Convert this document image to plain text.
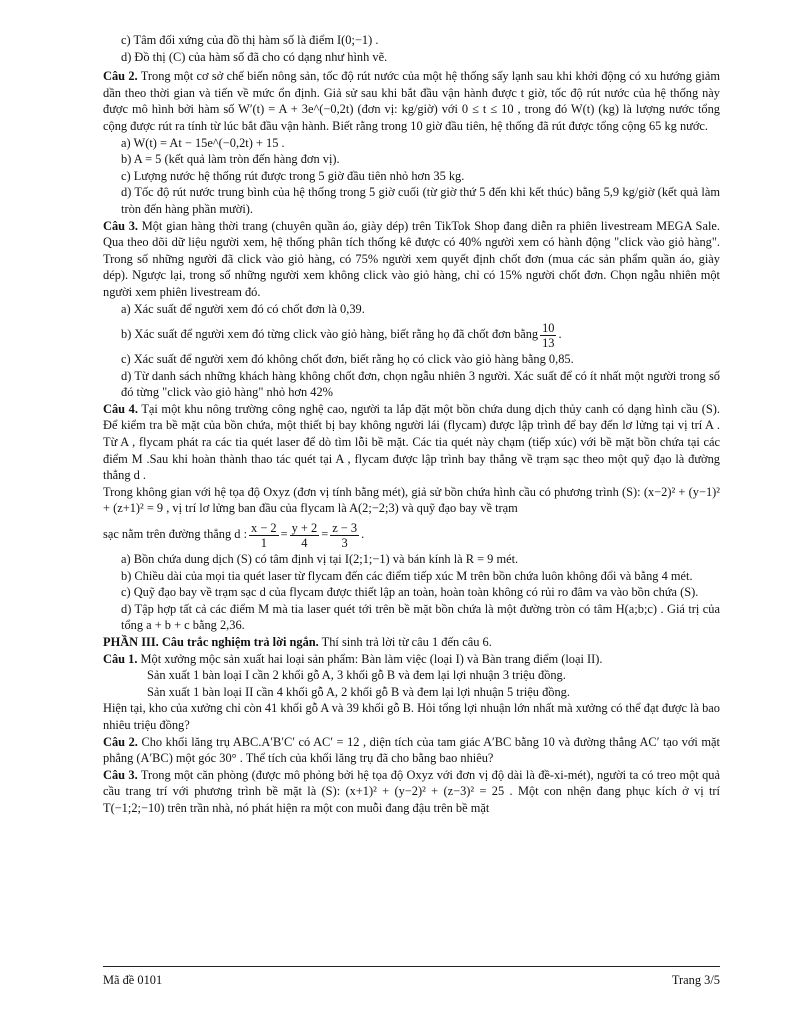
c) Tâm đối xứng của đồ thị hàm số là điểm I(0;−1) .
d) Đồ thị (C) của hàm số đã cho có dạng như hình vẽ.
Câu 2. Trong một cơ sở chế biến nông sản, tốc độ rút nước của một hệ thống sấy lạnh sau khi khởi động có xu hướng giảm dần theo thời gian và tiến về mức ổn định. Giả sử sau khi bắt đầu vận hành được t giờ, tốc độ rút nước của hệ thống này được mô hình bởi hàm số W′(t) = A + 3e^(−0,2t) (đơn vị: kg/giờ) với 0 ≤ t ≤ 10 , trong đó W(t) (kg) là lượng nước tổng cộng được rút ra tính từ lúc bắt đầu vận hành. Biết rằng trong 10 giờ đầu tiên, hệ thống đã rút được tổng cộng 65 kg nước.
a) W(t) = At − 15e^(−0,2t) + 15 .
b) A = 5 (kết quả làm tròn đến hàng đơn vị).
c) Lượng nước hệ thống rút được trong 5 giờ đầu tiên nhỏ hơn 35 kg.
d) Tốc độ rút nước trung bình của hệ thống trong 5 giờ cuối (từ giờ thứ 5 đến khi kết thúc) bằng 5,9 kg/giờ (kết quả làm tròn đến hàng phần mười).
Câu 3. Một gian hàng thời trang (chuyên quần áo, giày dép) trên TikTok Shop đang diễn ra phiên livestream MEGA Sale. Qua theo dõi dữ liệu người xem, hệ thống phân tích thống kê được có 40% người xem có hành động "click vào giỏ hàng". Trong số những người đã click vào giỏ hàng, có 75% người xem quyết định chốt đơn (mua các sản phẩm quần áo, giày dép). Ngược lại, trong số những người xem không click vào giỏ hàng, chỉ có 15% người chốt đơn. Chọn ngẫu nhiên một người xem phiên livestream đó.
a) Xác suất để người xem đó có chốt đơn là 0,39.
b) Xác suất để người xem đó từng click vào giỏ hàng, biết rằng họ đã chốt đơn bằng $\frac{10}{13}$ .
c) Xác suất để người xem đó không chốt đơn, biết rằng họ có click vào giỏ hàng bằng 0,85.
d) Từ danh sách những khách hàng không chốt đơn, chọn ngẫu nhiên 3 người. Xác suất để có ít nhất một người trong số đó từng "click vào giỏ hàng" nhỏ hơn 42%
Câu 4. Tại một khu nông trường công nghệ cao, người ta lắp đặt một bồn chứa dung dịch thủy canh có dạng hình cầu (S). Để kiểm tra bề mặt của bồn chứa, một thiết bị bay không người lái (flycam) được lập trình để bay đến lơ lửng tại vị trí A . Từ A , flycam phát ra các tia quét laser để dò tìm lỗi bề mặt. Các tia quét này chạm (tiếp xúc) với bề mặt bồn chứa tại các điểm M .Sau khi hoàn thành thao tác quét tại A , flycam được lập trình bay thẳng về trạm sạc theo một quỹ đạo là đường thẳng d .
Trong không gian với hệ tọa độ Oxyz (đơn vị tính bằng mét), giả sử bồn chứa hình cầu có phương trình (S): (x−2)² + (y−1)² + (z+1)² = 9 , vị trí lơ lửng ban đầu của flycam là A(2;−2;3) và quỹ đạo bay về trạm
sạc nằm trên đường thẳng d : $\frac{x - 2}{1} = \frac{y + 2}{4} = \frac{z - 3}{3}$ .
a) Bồn chứa dung dịch (S) có tâm định vị tại I(2;1;−1) và bán kính là R = 9 mét.
b) Chiều dài của mọi tia quét laser từ flycam đến các điểm tiếp xúc M trên bồn chứa luôn không đổi và bằng 4 mét.
c) Quỹ đạo bay về trạm sạc d của flycam được thiết lập an toàn, hoàn toàn không có rủi ro đâm va vào bồn chứa (S).
d) Tập hợp tất cả các điểm M mà tia laser quét tới trên bề mặt bồn chứa là một đường tròn có tâm H(a;b;c) . Giá trị của tổng a + b + c bằng 2,36.
PHẦN III. Câu trắc nghiệm trả lời ngắn. Thí sinh trả lời từ câu 1 đến câu 6.
Câu 1. Một xưởng mộc sản xuất hai loại sản phẩm: Bàn làm việc (loại I) và Bàn trang điểm (loại II).
Sản xuất 1 bàn loại I cần 2 khối gỗ A, 3 khối gỗ B và đem lại lợi nhuận 3 triệu đồng.
Sản xuất 1 bàn loại II cần 4 khối gỗ A, 2 khối gỗ B và đem lại lợi nhuận 5 triệu đồng.
Hiện tại, kho của xưởng chỉ còn 41 khối gỗ A và 39 khối gỗ B. Hỏi tổng lợi nhuận lớn nhất mà xưởng có thể đạt được là bao nhiêu triệu đồng?
Câu 2. Cho khối lăng trụ ABC.A′B′C′ có AC′ = 12 , diện tích của tam giác A′BC bằng 10 và đường thẳng AC′ tạo với mặt phẳng (A′BC) một góc 30° . Thể tích của khối lăng trụ đã cho bằng bao nhiêu?
Câu 3. Trong một căn phòng (được mô phỏng bởi hệ tọa độ Oxyz với đơn vị độ dài là đề-xi-mét), người ta có treo một quả cầu trang trí với phương trình bề mặt là (S): (x+1)² + (y−2)² + (z−3)² = 25 . Một con nhện đang phục kích ở vị trí T(−1;2;−10) trên trần nhà, nó phát hiện ra một con muỗi đang đậu trên bề mặt
Mã đề 0101	Trang 3/5
